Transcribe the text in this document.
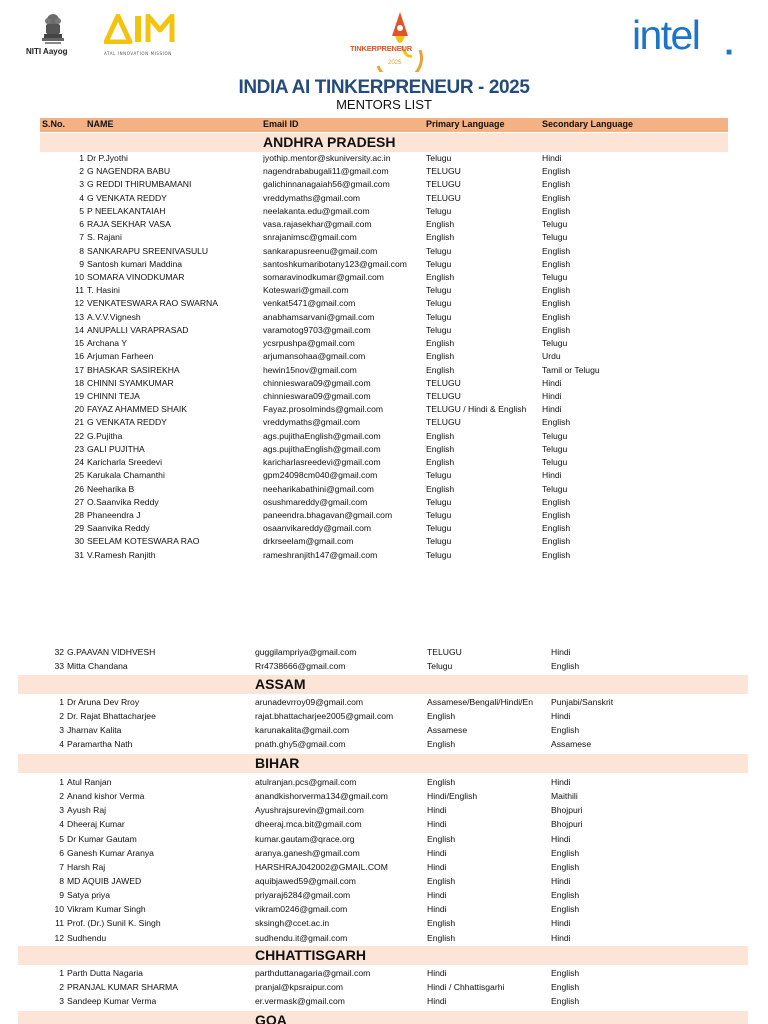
NITI Aayog	ATAL INNOVATION MISSION
TINKERPRENEUR
2025
intel	■
INDIA AI TINKERPRENEUR - 2025
MENTORS LIST
S.No. NAME	Email ID	Primary Language	Secondary Language
ANDHRA PRADESH
1 Dr P.Jyothi	jyothip.mentor@skuniversity.ac.in	Telugu	Hindi
2 G NAGENDRA BABU	nagendrababugali11@gmail.com	TELUGU	English
3 G REDDI THIRUMBAMANI	galichinnanagaiah56@gmail.com	TELUGU	English
4 G VENKATA REDDY	vreddymaths@gmail.com	TELUGU	English
5 P NEELAKANTAIAH	neelakanta.edu@gmail.com	Telugu	English
6 RAJA SEKHAR VASA	vasa.rajasekhar@gmail.com	English	Telugu
7 S. Rajani	snrajanimsc@gmail.com	English	Telugu
8 SANKARAPU SREENIVASULU	sankarapusreenu@gmail.com	Telugu	English
9 Santosh kumari Maddina	santoshkumaribotany123@gmail.com	Telugu	English
10 SOMARA VINODKUMAR	somaravinodkumar@gmail.com	English	Telugu
11 T. Hasini	Koteswari@gmail.com	Telugu	English
12 VENKATESWARA RAO SWARNA	venkat5471@gmail.com	Telugu	English
13 A.V.V.Vignesh	anabhamsarvani@gmail.com	Telugu	English
14 ANUPALLI VARAPRASAD	varamotog9703@gmail.com	Telugu	English
15 Archana Y	ycsrpushpa@gmail.com	English	Telugu
16 Arjuman Farheen	arjumansohaa@gmail.com	English	Urdu
17 BHASKAR SASIREKHA	hewin15nov@gmail.com	English	Tamil or Telugu
18 CHINNI SYAMKUMAR	chinnieswara09@gmail.com	TELUGU	Hindi
19 CHINNI TEJA	chinnieswara09@gmail.com	TELUGU	Hindi
20 FAYAZ AHAMMED SHAIK	Fayaz.prosolminds@gmail.com	TELUGU / Hindi & English	Hindi
21 G VENKATA REDDY	vreddymaths@gmail.com	TELUGU	English
22 G.Pujitha	ags.pujithaEnglish@gmail.com	English	Telugu
23 GALI PUJITHA	ags.pujithaEnglish@gmail.com	English	Telugu
24 Karicharla Sreedevi	karicharlasreedevi@gmail.com	English	Telugu
25 Karukala Chamanthi	gpm24098cm040@gmail.com	Telugu	Hindi
26 Neeharika B	neeharikabathini@gmail.com	English	Telugu
27 O.Saanvika Reddy	osushmareddy@gmail.com	Telugu	English
28 Phaneendra J	paneendra.bhagavan@gmail.com	Telugu	English
29 Saanvika Reddy	osaanvikareddy@gmail.com	Telugu	English
30 SEELAM KOTESWARA RAO	drkrseelam@gmail.com	Telugu	English
31 V.Ramesh Ranjith	rameshranjith147@gmail.com	Telugu	English
32 G.PAAVAN VIDHVESH	guggilampriya@gmail.com	TELUGU	Hindi
33 Mitta Chandana	Rr4738666@gmail.com	Telugu	English
ASSAM
1 Dr Aruna Dev Rroy	arunadevrroy09@gmail.com	Assamese/Bengali/Hindi/En	Punjabi/Sanskrit
2 Dr. Rajat Bhattacharjee	rajat.bhattacharjee2005@gmail.com	English	Hindi
3 Jharnav Kalita	karunakalita@gmail.com	Assamese	English
4 Paramartha Nath	pnath.ghy5@gmail.com	English	Assamese
BIHAR
1 Atul Ranjan	atulranjan.pcs@gmail.com	English	Hindi
2 Anand kishor Verma	anandkishorverma134@gmail.com	Hindi/English	Maithili
3 Ayush Raj	Ayushrajsurevin@gmail.com	Hindi	Bhojpuri
4 Dheeraj Kumar	dheeraj.mca.bit@gmail.com	Hindi	Bhojpuri
5 Dr Kumar Gautam	kumar.gautam@qrace.org	English	Hindi
6 Ganesh Kumar Aranya	aranya.ganesh@gmail.com	Hindi	English
7 Harsh Raj	HARSHRAJ042002@GMAIL.COM	Hindi	English
8 MD AQUIB JAWED	aquibjawed59@gmail.com	English	Hindi
9 Satya priya	priyaraj6284@gmail.com	Hindi	English
10 Vikram Kumar Singh	vikram0246@gmail.com	Hindi	English
11 Prof. (Dr.) Sunil K. Singh	sksingh@ccet.ac.in	English	Hindi
12 Sudhendu	sudhendu.it@gmail.com	English	Hindi
CHHATTISGARH
1 Parth Dutta Nagaria	parthduttanagaria@gmail.com	Hindi	English
2 PRANJAL KUMAR SHARMA	pranjal@kpsraipur.com	Hindi / Chhattisgarhi	English
3 Sandeep Kumar Verma	er.vermask@gmail.com	Hindi	English
GOA
